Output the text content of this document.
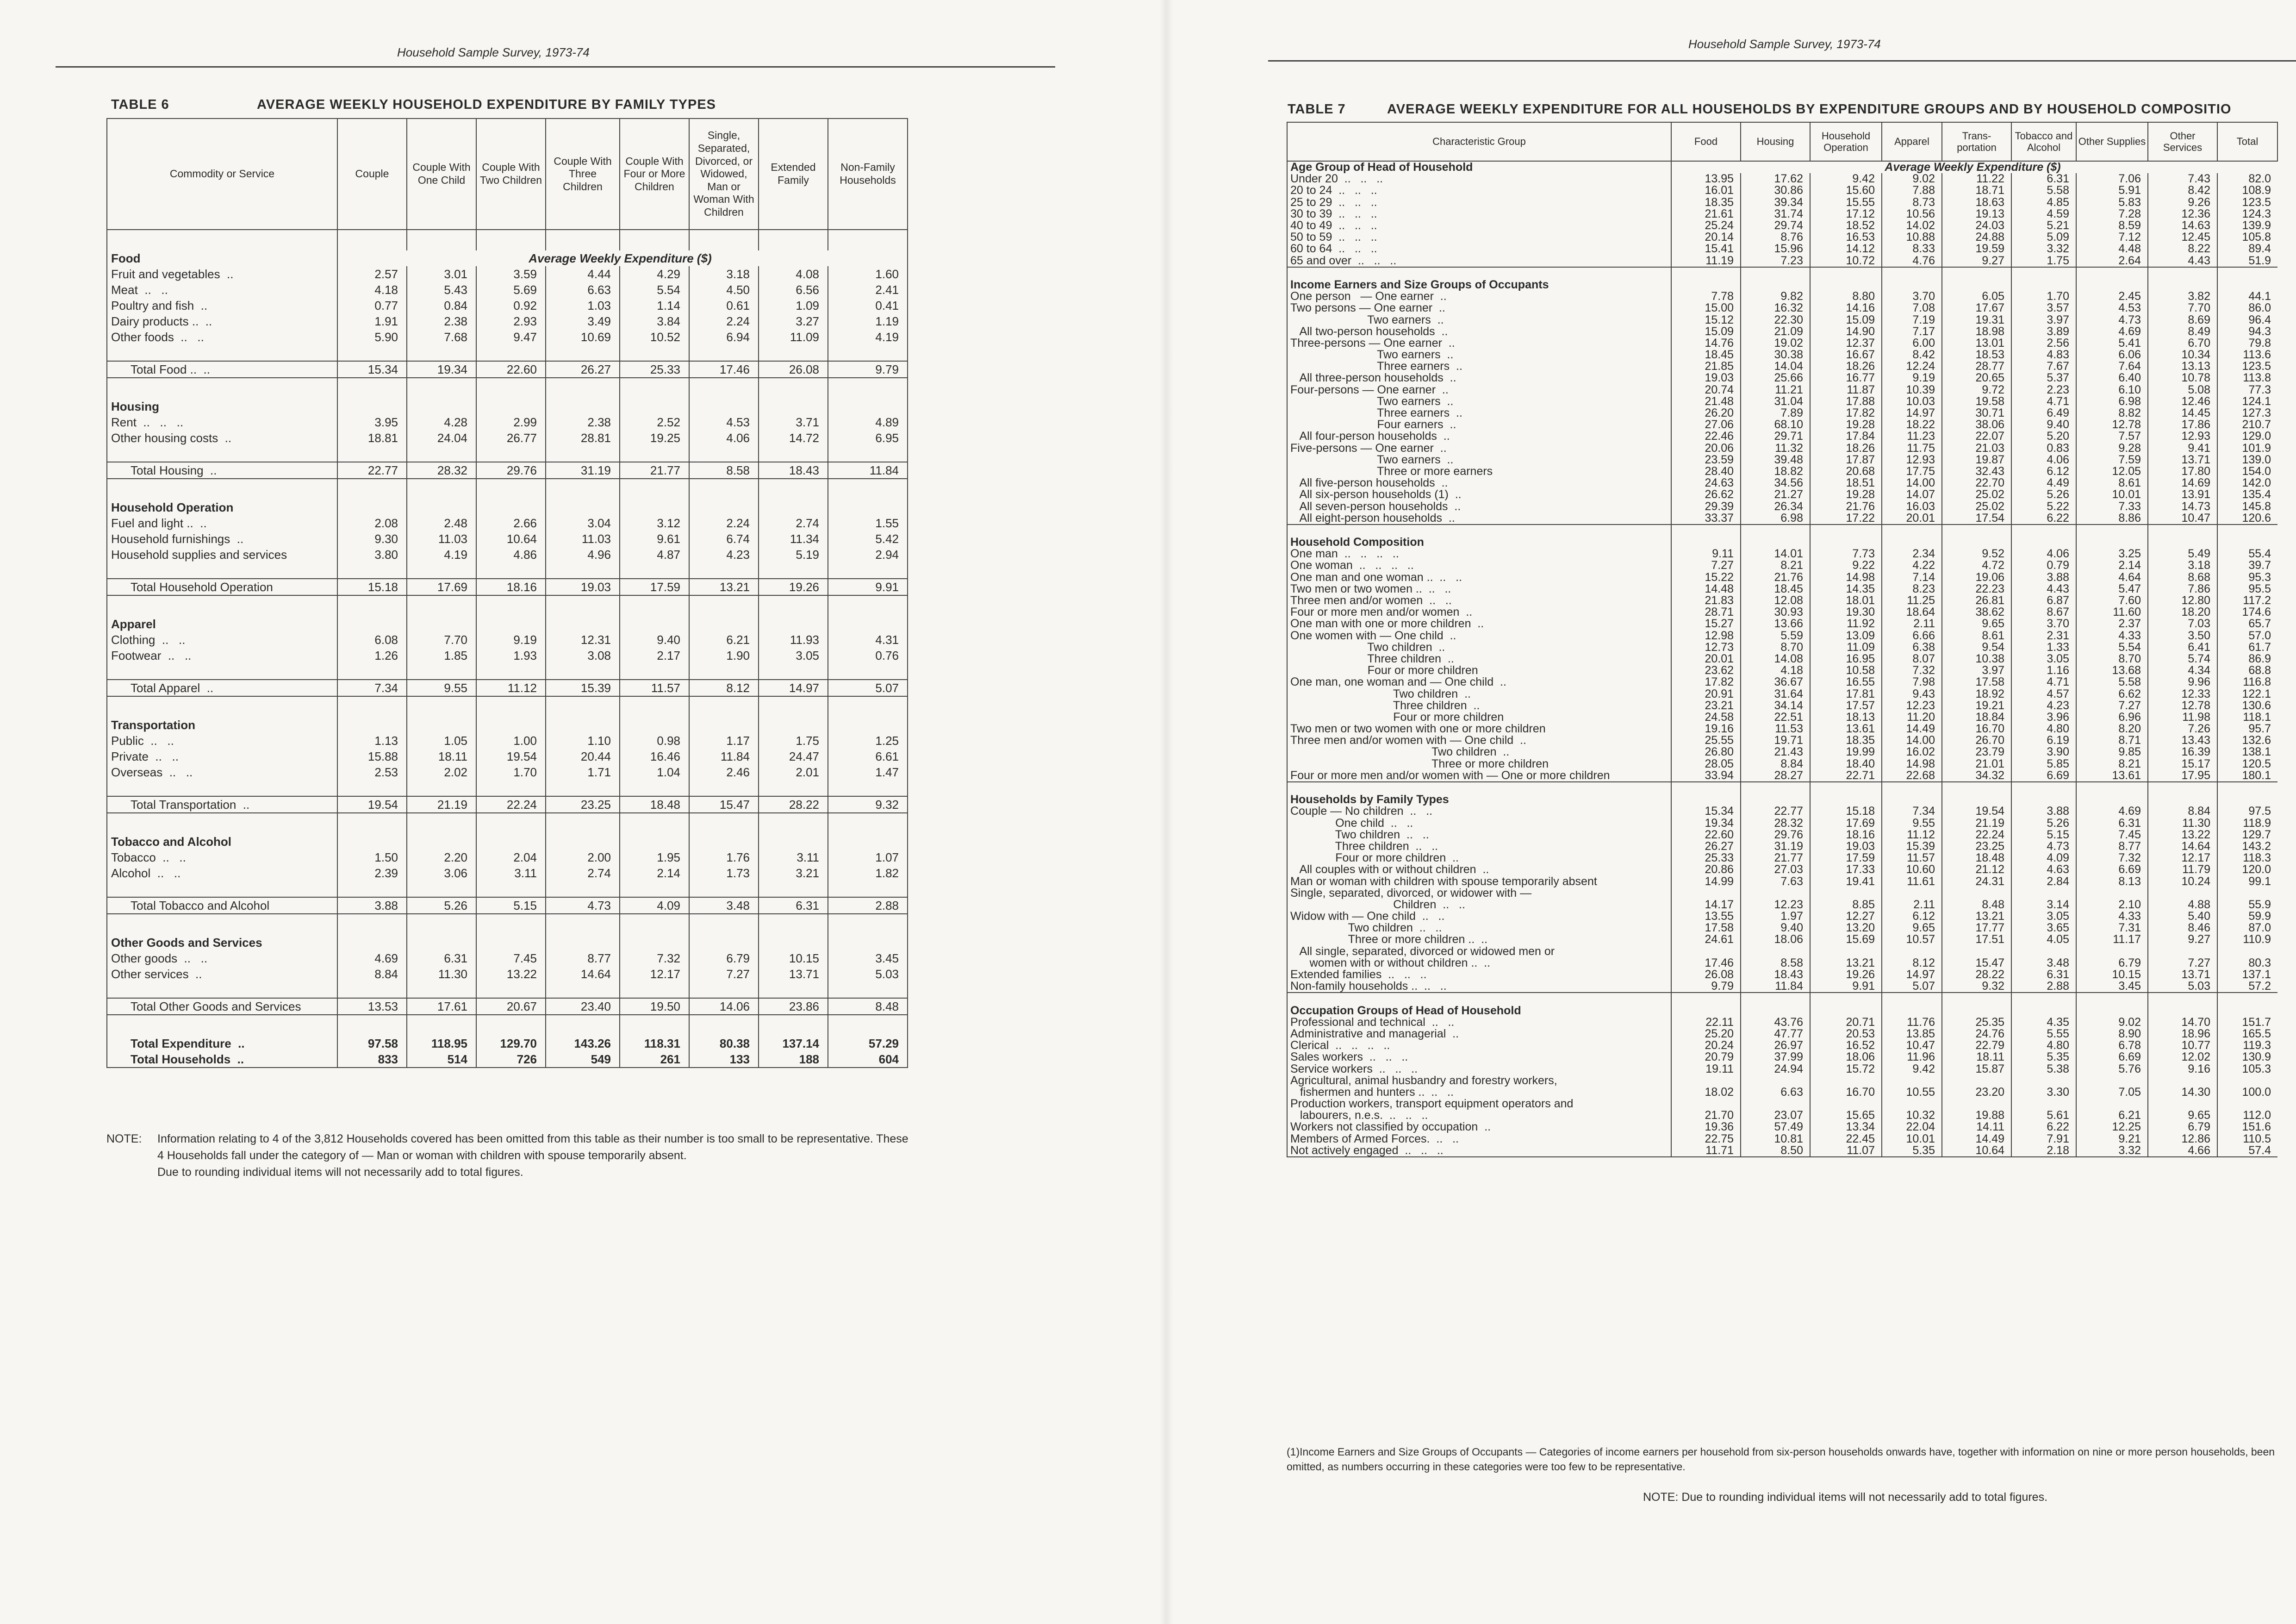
Household Sample Survey, 1973-74
TABLE 6	AVERAGE WEEKLY HOUSEHOLD EXPENDITURE BY FAMILY TYPES
Commodity or Service	Couple	Couple With One Child	Couple With Two Children	Couple With Three Children	Couple With Four or More Children	Single, Separated, Divorced, or Widowed, Man or Woman With Children	Extended Family	Non-Family Households

Food	Average Weekly Expenditure ($)							
Fruit and vegetables  ..	2.57	3.01	3.59	4.44	4.29	3.18	4.08	1.60
Meat  ..   ..	4.18	5.43	5.69	6.63	5.54	4.50	6.56	2.41
Poultry and fish  ..	0.77	0.84	0.92	1.03	1.14	0.61	1.09	0.41
Dairy products ..  ..	1.91	2.38	2.93	3.49	3.84	2.24	3.27	1.19
Other foods  ..   ..	5.90	7.68	9.47	10.69	10.52	6.94	11.09	4.19

Total Food ..  ..	15.34	19.34	22.60	26.27	25.33	17.46	26.08	9.79

Housing								
Rent  ..   ..   ..	3.95	4.28	2.99	2.38	2.52	4.53	3.71	4.89
Other housing costs  ..	18.81	24.04	26.77	28.81	19.25	4.06	14.72	6.95

Total Housing  ..	22.77	28.32	29.76	31.19	21.77	8.58	18.43	11.84

Household Operation								
Fuel and light ..  ..	2.08	2.48	2.66	3.04	3.12	2.24	2.74	1.55
Household furnishings  ..	9.30	11.03	10.64	11.03	9.61	6.74	11.34	5.42
Household supplies and services	3.80	4.19	4.86	4.96	4.87	4.23	5.19	2.94

Total Household Operation	15.18	17.69	18.16	19.03	17.59	13.21	19.26	9.91

Apparel								
Clothing  ..   ..	6.08	7.70	9.19	12.31	9.40	6.21	11.93	4.31
Footwear  ..   ..	1.26	1.85	1.93	3.08	2.17	1.90	3.05	0.76

Total Apparel  ..	7.34	9.55	11.12	15.39	11.57	8.12	14.97	5.07

Transportation								
Public  ..   ..	1.13	1.05	1.00	1.10	0.98	1.17	1.75	1.25
Private  ..   ..	15.88	18.11	19.54	20.44	16.46	11.84	24.47	6.61
Overseas  ..   ..	2.53	2.02	1.70	1.71	1.04	2.46	2.01	1.47

Total Transportation  ..	19.54	21.19	22.24	23.25	18.48	15.47	28.22	9.32

Tobacco and Alcohol								
Tobacco  ..   ..	1.50	2.20	2.04	2.00	1.95	1.76	3.11	1.07
Alcohol  ..   ..	2.39	3.06	3.11	2.74	2.14	1.73	3.21	1.82

Total Tobacco and Alcohol	3.88	5.26	5.15	4.73	4.09	3.48	6.31	2.88

Other Goods and Services								
Other goods  ..   ..	4.69	6.31	7.45	8.77	7.32	6.79	10.15	3.45
Other services  ..	8.84	11.30	13.22	14.64	12.17	7.27	13.71	5.03

Total Other Goods and Services	13.53	17.61	20.67	23.40	19.50	14.06	23.86	8.48

Total Expenditure  ..	97.58	118.95	129.70	143.26	118.31	80.38	137.14	57.29
Total Households  ..	833	514	726	549	261	133	188	604
NOTE: Information relating to 4 of the 3,812 Households covered has been omitted from this table as their number is too small to be representative. These 4 Households fall under the category of — Man or woman with children with spouse temporarily absent.
Due to rounding individual items will not necessarily add to total figures.
Household Sample Survey, 1973-74
TABLE 7	AVERAGE WEEKLY EXPENDITURE FOR ALL HOUSEHOLDS BY EXPENDITURE GROUPS AND BY HOUSEHOLD COMPOSITIO
Characteristic Group	Food	Housing	Household Operation	Apparel	Trans-portation	Tobacco and Alcohol	Other Supplies	Other Services	Total
Age Group of Head of Household	Average Weekly Expenditure ($)								
Under 20  ..   ..   ..	13.95	17.62	9.42	9.02	11.22	6.31	7.06	7.43	82.0
20 to 24  ..   ..   ..	16.01	30.86	15.60	7.88	18.71	5.58	5.91	8.42	108.9
25 to 29  ..   ..   ..	18.35	39.34	15.55	8.73	18.63	4.85	5.83	9.26	123.5
30 to 39  ..   ..   ..	21.61	31.74	17.12	10.56	19.13	4.59	7.28	12.36	124.3
40 to 49  ..   ..   ..	25.24	29.74	18.52	14.02	24.03	5.21	8.59	14.63	139.9
50 to 59  ..   ..   ..	20.14	8.76	16.53	10.88	24.88	5.09	7.12	12.45	105.8
60 to 64  ..   ..   ..	15.41	15.96	14.12	8.33	19.59	3.32	4.48	8.22	89.4
65 and over  ..   ..   ..	11.19	7.23	10.72	4.76	9.27	1.75	2.64	4.43	51.9

Income Earners and Size Groups of Occupants									
One person   — One earner  ..	7.78	9.82	8.80	3.70	6.05	1.70	2.45	3.82	44.1
Two persons — One earner  ..	15.00	16.32	14.16	7.08	17.67	3.57	4.53	7.70	86.0
Two earners  ..	15.12	22.30	15.09	7.19	19.31	3.97	4.73	8.69	96.4
All two-person households  ..	15.09	21.09	14.90	7.17	18.98	3.89	4.69	8.49	94.3
Three-persons — One earner  ..	14.76	19.02	12.37	6.00	13.01	2.56	5.41	6.70	79.8
Two earners  ..	18.45	30.38	16.67	8.42	18.53	4.83	6.06	10.34	113.6
Three earners  ..	21.85	14.04	18.26	12.24	28.77	7.67	7.64	13.13	123.5
All three-person households  ..	19.03	25.66	16.77	9.19	20.65	5.37	6.40	10.78	113.8
Four-persons — One earner  ..	20.74	11.21	11.87	10.39	9.72	2.23	6.10	5.08	77.3
Two earners  ..	21.48	31.04	17.88	10.03	19.58	4.71	6.98	12.46	124.1
Three earners  ..	26.20	7.89	17.82	14.97	30.71	6.49	8.82	14.45	127.3
Four earners  ..	27.06	68.10	19.28	18.22	38.06	9.40	12.78	17.86	210.7
All four-person households  ..	22.46	29.71	17.84	11.23	22.07	5.20	7.57	12.93	129.0
Five-persons — One earner  ..	20.06	11.32	18.26	11.75	21.03	0.83	9.28	9.41	101.9
Two earners  ..	23.59	39.48	17.87	12.93	19.87	4.06	7.59	13.71	139.0
Three or more earners	28.40	18.82	20.68	17.75	32.43	6.12	12.05	17.80	154.0
All five-person households  ..	24.63	34.56	18.51	14.00	22.70	4.49	8.61	14.69	142.0
All six-person households (1)  ..	26.62	21.27	19.28	14.07	25.02	5.26	10.01	13.91	135.4
All seven-person households  ..	29.39	26.34	21.76	16.03	25.02	5.22	7.33	14.73	145.8
All eight-person households  ..	33.37	6.98	17.22	20.01	17.54	6.22	8.86	10.47	120.6

Household Composition									
One man  ..   ..   ..   ..	9.11	14.01	7.73	2.34	9.52	4.06	3.25	5.49	55.4
One woman  ..   ..   ..   ..	7.27	8.21	9.22	4.22	4.72	0.79	2.14	3.18	39.7
One man and one woman ..  ..   ..	15.22	21.76	14.98	7.14	19.06	3.88	4.64	8.68	95.3
Two men or two women ..  ..   ..	14.48	18.45	14.35	8.23	22.23	4.43	5.47	7.86	95.5
Three men and/or women  ..   ..	21.83	12.08	18.01	11.25	26.81	6.87	7.60	12.80	117.2
Four or more men and/or women  ..	28.71	30.93	19.30	18.64	38.62	8.67	11.60	18.20	174.6
One man with one or more children  ..	15.27	13.66	11.92	2.11	9.65	3.70	2.37	7.03	65.7
One women with — One child  ..	12.98	5.59	13.09	6.66	8.61	2.31	4.33	3.50	57.0
Two children  ..	12.73	8.70	11.09	6.38	9.54	1.33	5.54	6.41	61.7
Three children  ..	20.01	14.08	16.95	8.07	10.38	3.05	8.70	5.74	86.9
Four or more children	23.62	4.18	10.58	7.32	3.97	1.16	13.68	4.34	68.8
One man, one woman and — One child  ..	17.82	36.67	16.55	7.98	17.58	4.71	5.58	9.96	116.8
Two children  ..	20.91	31.64	17.81	9.43	18.92	4.57	6.62	12.33	122.1
Three children  ..	23.21	34.14	17.57	12.23	19.21	4.23	7.27	12.78	130.6
Four or more children	24.58	22.51	18.13	11.20	18.84	3.96	6.96	11.98	118.1
Two men or two women with one or more children	19.16	11.53	13.61	14.49	16.70	4.80	8.20	7.26	95.7
Three men and/or women with — One child  ..	25.55	19.71	18.35	14.00	26.70	6.19	8.71	13.43	132.6
Two children  ..	26.80	21.43	19.99	16.02	23.79	3.90	9.85	16.39	138.1
Three or more children	28.05	8.84	18.40	14.98	21.01	5.85	8.21	15.17	120.5
Four or more men and/or women with — One or more children	33.94	28.27	22.71	22.68	34.32	6.69	13.61	17.95	180.1

Households by Family Types									
Couple — No children  ..   ..	15.34	22.77	15.18	7.34	19.54	3.88	4.69	8.84	97.5
One child  ..   ..	19.34	28.32	17.69	9.55	21.19	5.26	6.31	11.30	118.9
Two children  ..   ..	22.60	29.76	18.16	11.12	22.24	5.15	7.45	13.22	129.7
Three children  ..   ..	26.27	31.19	19.03	15.39	23.25	4.73	8.77	14.64	143.2
Four or more children  ..	25.33	21.77	17.59	11.57	18.48	4.09	7.32	12.17	118.3
All couples with or without children  ..	20.86	27.03	17.33	10.60	21.12	4.63	6.69	11.79	120.0
Man or woman with children with spouse temporarily absent	14.99	7.63	19.41	11.61	24.31	2.84	8.13	10.24	99.1
Single, separated, divorced, or widower with —									
Children  ..   ..	14.17	12.23	8.85	2.11	8.48	3.14	2.10	4.88	55.9
Widow with — One child  ..   ..	13.55	1.97	12.27	6.12	13.21	3.05	4.33	5.40	59.9
Two children  ..   ..	17.58	9.40	13.20	9.65	17.77	3.65	7.31	8.46	87.0
Three or more children ..  ..	24.61	18.06	15.69	10.57	17.51	4.05	11.17	9.27	110.9
All single, separated, divorced or widowed men or									
women with or without children ..  ..	17.46	8.58	13.21	8.12	15.47	3.48	6.79	7.27	80.3
Extended families  ..   ..   ..	26.08	18.43	19.26	14.97	28.22	6.31	10.15	13.71	137.1
Non-family households ..  ..   ..	9.79	11.84	9.91	5.07	9.32	2.88	3.45	5.03	57.2

Occupation Groups of Head of Household									
Professional and technical  ..   ..	22.11	43.76	20.71	11.76	25.35	4.35	9.02	14.70	151.7
Administrative and managerial  ..	25.20	47.77	20.53	13.85	24.76	5.55	8.90	18.96	165.5
Clerical  ..   ..   ..   ..	20.24	26.97	16.52	10.47	22.79	4.80	6.78	10.77	119.3
Sales workers  ..   ..   ..	20.79	37.99	18.06	11.96	18.11	5.35	6.69	12.02	130.9
Service workers  ..   ..   ..	19.11	24.94	15.72	9.42	15.87	5.38	5.76	9.16	105.3
Agricultural, animal husbandry and forestry workers,									
fishermen and hunters ..  ..   ..	18.02	6.63	16.70	10.55	23.20	3.30	7.05	14.30	100.0
Production workers, transport equipment operators and									
labourers, n.e.s.  ..   ..   ..	21.70	23.07	15.65	10.32	19.88	5.61	6.21	9.65	112.0
Workers not classified by occupation  ..	19.36	57.49	13.34	22.04	14.11	6.22	12.25	6.79	151.6
Members of Armed Forces.  ..   ..	22.75	10.81	22.45	10.01	14.49	7.91	9.21	12.86	110.5
Not actively engaged  ..   ..   ..	11.71	8.50	11.07	5.35	10.64	2.18	3.32	4.66	57.4
(1)Income Earners and Size Groups of Occupants — Categories of income earners per household from six-person households onwards have, together with information on nine or more person households, been omitted, as numbers occurring in these categories were too few to be representative.
NOTE: Due to rounding individual items will not necessarily add to total figures.
